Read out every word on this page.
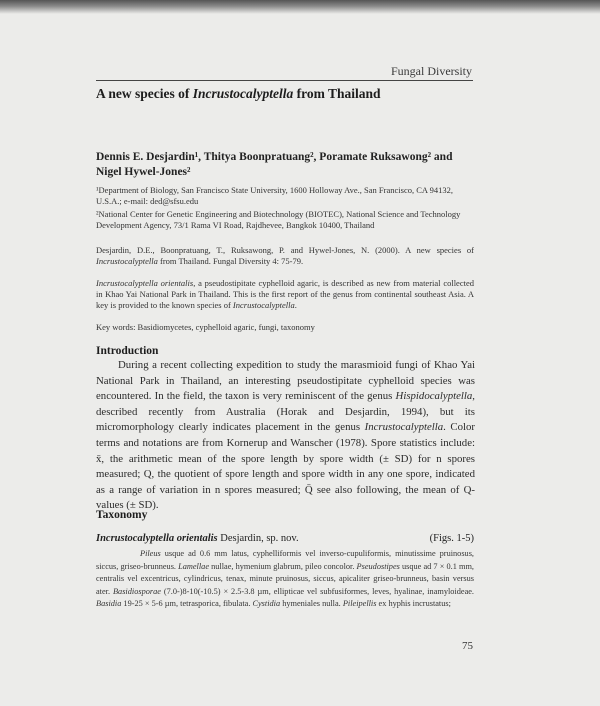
Fungal Diversity
A new species of Incrustocalyptella from Thailand
Dennis E. Desjardin¹, Thitya Boonpratuang², Poramate Ruksawong² and
Nigel Hywel-Jones²
¹Department of Biology, San Francisco State University, 1600 Holloway Ave., San Francisco, CA 94132, U.S.A.; e-mail: ded@sfsu.edu
²National Center for Genetic Engineering and Biotechnology (BIOTEC), National Science and Technology Development Agency, 73/1 Rama VI Road, Rajdhevee, Bangkok 10400, Thailand
Desjardin, D.E., Boonpratuang, T., Ruksawong, P. and Hywel-Jones, N. (2000). A new species of Incrustocalyptella from Thailand. Fungal Diversity 4: 75-79.
Incrustocalyptella orientalis, a pseudostipitate cyphelloid agaric, is described as new from material collected in Khao Yai National Park in Thailand. This is the first report of the genus from continental southeast Asia. A key is provided to the known species of Incrustocalyptella.
Key words: Basidiomycetes, cyphelloid agaric, fungi, taxonomy
Introduction
During a recent collecting expedition to study the marasmioid fungi of Khao Yai National Park in Thailand, an interesting pseudostipitate cyphelloid species was encountered. In the field, the taxon is very reminiscent of the genus Hispidocalyptella, described recently from Australia (Horak and Desjardin, 1994), but its micromorphology clearly indicates placement in the genus Incrustocalyptella. Color terms and notations are from Kornerup and Wanscher (1978). Spore statistics include: x̄, the arithmetic mean of the spore length by spore width (± SD) for n spores measured; Q, the quotient of spore length and spore width in any one spore, indicated as a range of variation in n spores measured; Q̄ see also following, the mean of Q-values (± SD).
Taxonomy
Incrustocalyptella orientalis Desjardin, sp. nov.	(Figs. 1-5)
Pileus usque ad 0.6 mm latus, cyphelliformis vel inverso-cupuliformis, minutissime pruinosus, siccus, griseo-brunneus. Lamellae nullae, hymenium glabrum, pileo concolor. Pseudostipes usque ad 7 × 0.1 mm, centralis vel excentricus, cylindricus, tenax, minute pruinosus, siccus, apicaliter griseo-brunneus, basin versus ater. Basidiosporae (7.0-)8-10(-10.5) × 2.5-3.8 µm, ellipticae vel subfusiformes, leves, hyalinae, inamyloideae. Basidia 19-25 × 5-6 µm, tetrasporica, fibulata. Cystidia hymeniales nulla. Pileipellis ex hyphis incrustatus;
75
